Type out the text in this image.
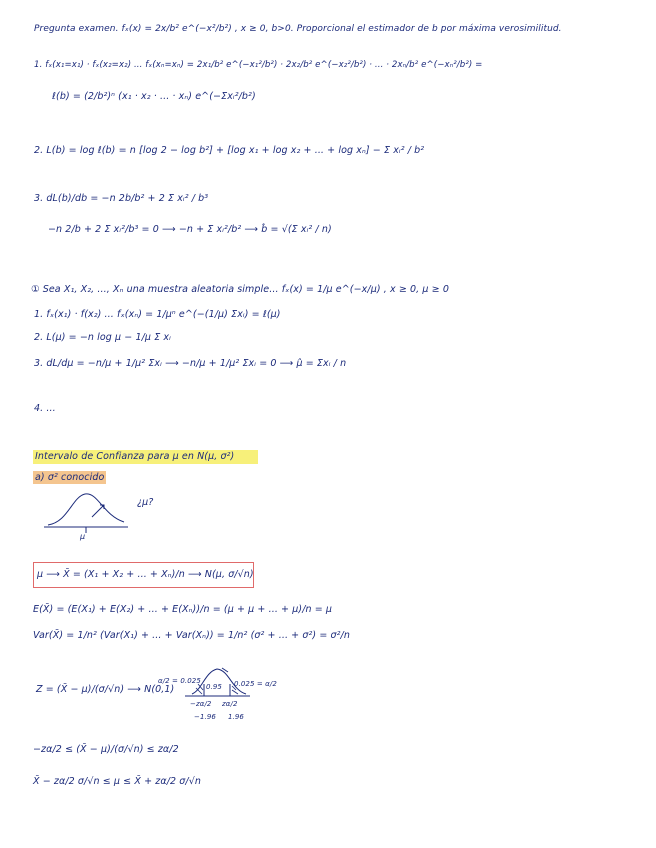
Pregunta examen. fₓ(x) = 2x/b² e^(−x²/b²) , x ≥ 0, b>0. Proporcional el estimador de b por máxima verosimilitud.
1. fₓ(x₁=x₁) · fₓ(x₂=x₂) ... fₓ(xₙ=xₙ) = 2x₁/b² e^(−x₁²/b²) · 2x₂/b² e^(−x₂²/b²) · ... · 2xₙ/b² e^(−xₙ²/b²) =
ℓ(b) = (2/b²)ⁿ (x₁ · x₂ · ... · xₙ) e^(−Σxᵢ²/b²)
2. L(b) = log ℓ(b) = n [log 2 − log b²] + [log x₁ + log x₂ + ... + log xₙ] − Σ xᵢ² / b²
3. dL(b)/db = −n 2b/b² + 2 Σ xᵢ² / b³
−n 2/b + 2 Σ xᵢ²/b³ = 0 ⟶ −n + Σ xᵢ²/b² ⟶ b̂ = √(Σ xᵢ² / n)
① Sea X₁, X₂, ..., Xₙ una muestra aleatoria simple... fₓ(x) = 1/μ e^(−x/μ) , x ≥ 0, μ ≥ 0
1. fₓ(x₁) · f(x₂) ... fₓ(xₙ) = 1/μⁿ e^(−(1/μ) Σxᵢ) = ℓ(μ)
2. L(μ) = −n log μ − 1/μ Σ xᵢ
3. dL/dμ = −n/μ + 1/μ² Σxᵢ ⟶ −n/μ + 1/μ² Σxᵢ = 0 ⟶ μ̂ = Σxᵢ / n
4. ...
Intervalo de Confianza para μ en N(μ, σ²)
a) σ² conocido
¿μ?
μ
μ ⟶ X̄ = (X₁ + X₂ + ... + Xₙ)/n ⟶ N(μ, σ/√n)
E(X̄) = (E(X₁) + E(X₂) + ... + E(Xₙ))/n = (μ + μ + ... + μ)/n = μ
Var(X̄) = 1/n² (Var(X₁) + ... + Var(Xₙ)) = 1/n² (σ² + ... + σ²) = σ²/n
Z = (X̄ − μ)/(σ/√n) ⟶ N(0,1)
α/2 = 0.025
0.95 0.025 = α/2
−zα/2 zα/2
−1.96 1.96
−zα/2 ≤ (X̄ − μ)/(σ/√n) ≤ zα/2
X̄ − zα/2 σ/√n ≤ μ ≤ X̄ + zα/2 σ/√n
